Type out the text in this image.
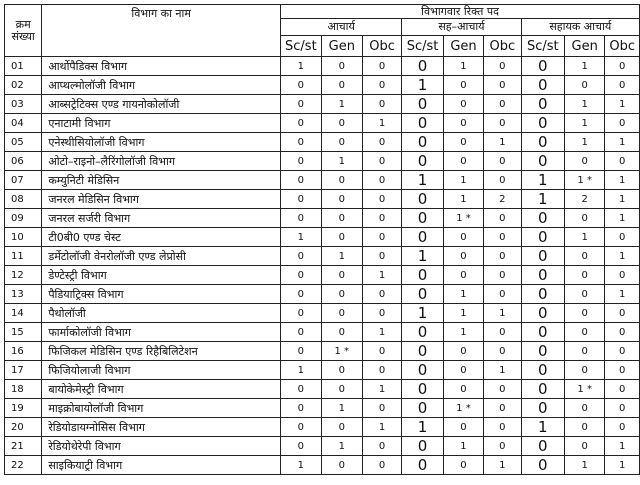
क्रम
संख्या	विभाग का नाम	विभागवार रिक्त पद								
		आचार्य			सह–आचार्य			सहायक आचार्य		
		Sc/st	Gen	Obc	Sc/st	Gen	Obc	Sc/st	Gen	Obc
01	आर्थोपैडिक्स विभाग	1	0	0	0	1	0	0	1	0
02	आप्थल्मोलॉजी विभाग	0	0	0	1	0	0	0	0	0
03	आब्सट्रेटिक्स एण्ड गायनोकोलॉजी	0	1	0	0	0	0	0	1	1
04	एनाटामी विभाग	0	0	1	0	0	0	0	1	0
05	एनेस्थीसियोलॉजी विभाग	0	0	0	0	0	1	0	1	1
06	ओटो–राइनो–लैरिंगोलॉजी विभाग	0	1	0	0	0	0	0	0	0
07	कम्युनिटी मेडिसिन	0	0	0	1	1	0	1	1 *	1
08	जनरल मेडिसिन विभाग	0	0	0	0	1	2	1	2	1
09	जनरल सर्जरी विभाग	0	0	0	0	1 *	0	0	0	1
10	टी0बी0 एण्ड चेस्ट	1	0	0	0	0	0	0	1	0
11	डर्मेटोलॉजी वेनरोलॉजी एण्ड लेप्रोसी	0	1	0	1	0	0	0	0	1
12	डेण्टेस्ट्री विभाग	0	0	1	0	0	0	0	0	0
13	पैडियाट्रिक्स विभाग	0	0	0	0	1	0	0	0	1
14	पैथोलॉजी	0	0	0	1	1	1	0	0	0
15	फार्माकोलॉजी विभाग	0	0	1	0	1	0	0	0	0
16	फिजिकल मेडिसिन एण्ड रिहैबिलिटेशन	0	1 *	0	0	0	0	0	0	0
17	फिजियोलाजी विभाग	1	0	0	0	0	1	0	0	0
18	बायोकेमेस्ट्री विभाग	0	0	1	0	0	0	0	1 *	0
19	माइक्रोबायोलॉजी विभाग	0	1	0	0	1 *	0	0	0	0
20	रेडियोडायग्नोसिस विभाग	0	0	1	1	0	0	1	0	0
21	रेडियोथेरेपी विभाग	0	1	0	0	1	0	0	0	1
22	साइकियाट्री विभाग	1	0	0	0	0	1	0	1	1
